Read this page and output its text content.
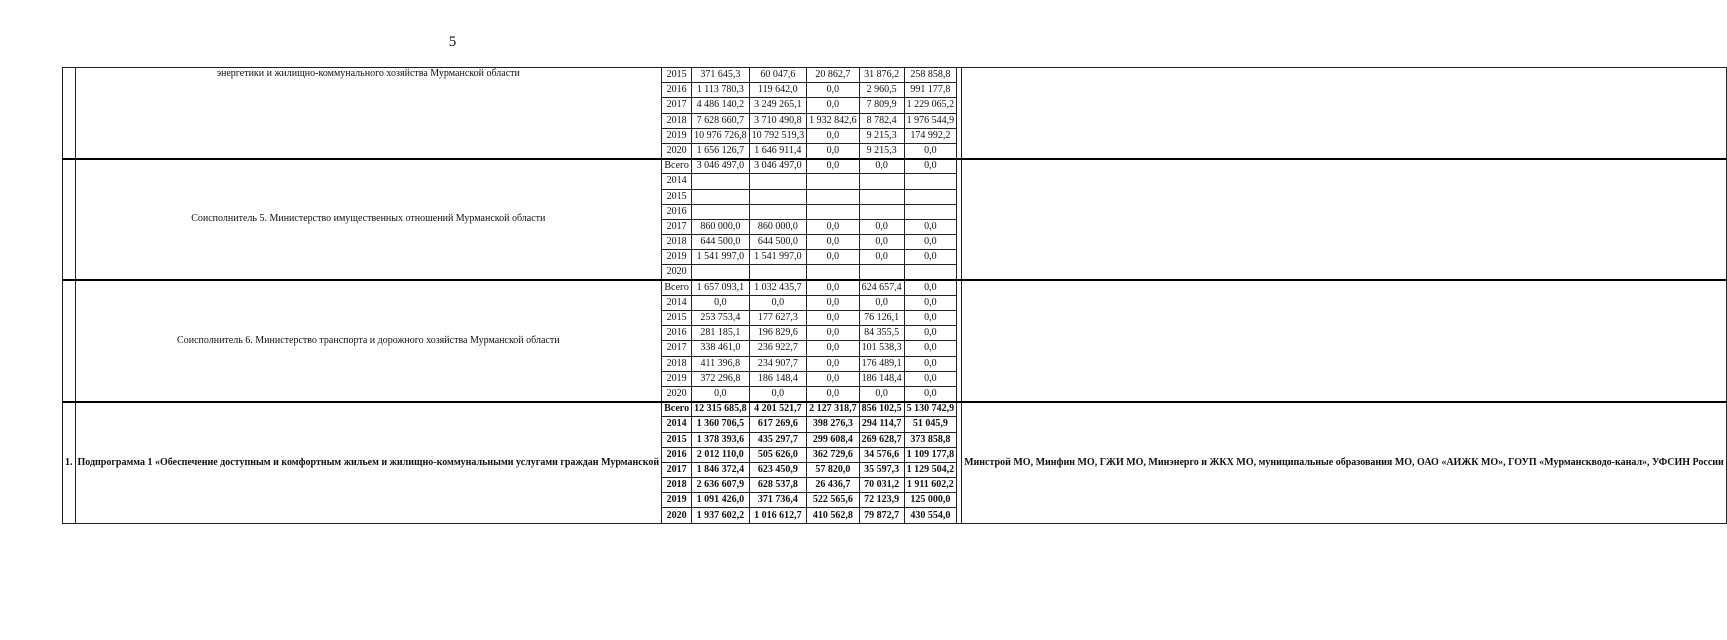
5
	энергетики и жилищно-коммунального хозяйства Мурманской области	2015	371 645,3	60 047,6	20 862,7	31 876,2	258 858,8		
		2016	1 113 780,3	119 642,0	0,0	2 960,5	991 177,8		
		2017	4 486 140,2	3 249 265,1	0,0	7 809,9	1 229 065,2		
		2018	7 628 660,7	3 710 490,8	1 932 842,6	8 782,4	1 976 544,9		
		2019	10 976 726,8	10 792 519,3	0,0	9 215,3	174 992,2		
		2020	1 656 126,7	1 646 911,4	0,0	9 215,3	0,0		
	Соисполнитель 5. Министерство имущественных отношений Мурманской области	Всего	3 046 497,0	3 046 497,0	0,0	0,0	0,0		
		2014							
		2015							
		2016							
		2017	860 000,0	860 000,0	0,0	0,0	0,0		
		2018	644 500,0	644 500,0	0,0	0,0	0,0		
		2019	1 541 997,0	1 541 997,0	0,0	0,0	0,0		
		2020							
	Соисполнитель 6. Министерство транспорта и дорожного хозяйства Мурманской области	Всего	1 657 093,1	1 032 435,7	0,0	624 657,4	0,0		
		2014	0,0	0,0	0,0	0,0	0,0		
		2015	253 753,4	177 627,3	0,0	76 126,1	0,0		
		2016	281 185,1	196 829,6	0,0	84 355,5	0,0		
		2017	338 461,0	236 922,7	0,0	101 538,3	0,0		
		2018	411 396,8	234 907,7	0,0	176 489,1	0,0		
		2019	372 296,8	186 148,4	0,0	186 148,4	0,0		
		2020	0,0	0,0	0,0	0,0	0,0		
1.	Подпрограмма 1 «Обеспечение доступным и комфортным жильем и жилищно-коммунальными услугами граждан Мурманской	Всего	12 315 685,8	4 201 521,7	2 127 318,7	856 102,5	5 130 742,9		Минстрой МО, Минфин МО, ГЖИ МО, Минэнерго и ЖКХ МО, муниципальные образования МО, ОАО «АИЖК МО», ГОУП «Мурманскводо-канал», УФСИН России
		2014	1 360 706,5	617 269,6	398 276,3	294 114,7	51 045,9		
		2015	1 378 393,6	435 297,7	299 608,4	269 628,7	373 858,8		
		2016	2 012 110,0	505 626,0	362 729,6	34 576,6	1 109 177,8		
		2017	1 846 372,4	623 450,9	57 820,0	35 597,3	1 129 504,2		
		2018	2 636 607,9	628 537,8	26 436,7	70 031,2	1 911 602,2		
		2019	1 091 426,0	371 736,4	522 565,6	72 123,9	125 000,0		
		2020	1 937 602,2	1 016 612,7	410 562,8	79 872,7	430 554,0		
